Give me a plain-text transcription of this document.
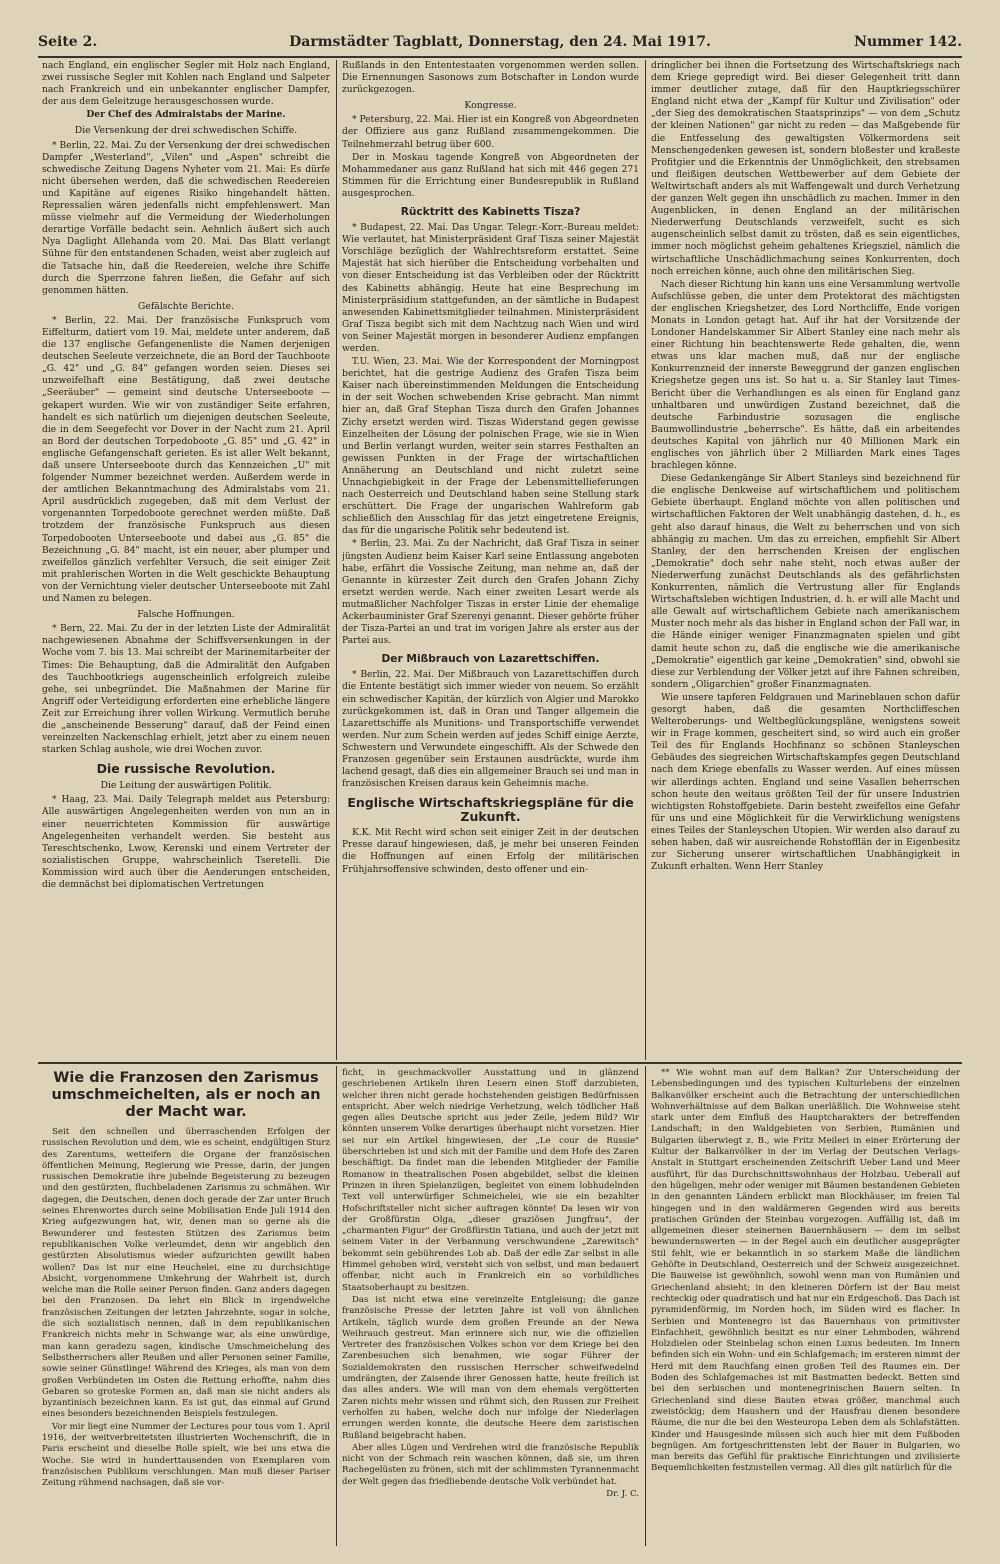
Seite 2.	Darmstädter Tagblatt, Donnerstag, den 24. Mai 1917.	Nummer 142.

nach England, ein englischer Segler mit Holz nach England, zwei russische Segler mit Kohlen nach England und Salpeter nach Frankreich und ein unbekannter englischer Dampfer, der aus dem Geleitzuge herausgeschossen wurde.

Der Chef des Admiralstabs der Marine.

Die Versenkung der drei schwedischen Schiffe.

* Berlin, 22. Mai. Zu der Versenkung der drei schwedischen Dampfer „Westerland", „Vilen" und „Aspen" schreibt die schwedische Zeitung Dagens Nyheter vom 21. Mai: Es dürfe nicht übersehen werden, daß die schwedischen Reedereien und Kapitäne auf eigenes Risiko hingehandelt hätten. Repressalien wären jedenfalls nicht empfehlenswert. Man müsse vielmehr auf die Vermeidung der Wiederholungen derartige Vorfälle bedacht sein. Aehnlich äußert sich auch Nya Daglight Allehanda vom 20. Mai. Das Blatt verlangt Sühne für den entstandenen Schaden, weist aber zugleich auf die Tatsache hin, daß die Reedereien, welche ihre Schiffe durch die Sperrzone fahren ließen, die Gefahr auf sich genommen hätten.

Gefälschte Berichte.

* Berlin, 22. Mai. Der französische Funkspruch vom Eiffelturm, datiert vom 19. Mai, meldete unter anderem, daß die 137 englische Gefangenenliste die Namen derjenigen deutschen Seeleute verzeichnete, die an Bord der Tauchboote „G. 42" und „G. 84" gefangen worden seien. Dieses sei unzweifelhaft eine Bestätigung, daß zwei deutsche „Seeräuber" — gemeint sind deutsche Unterseeboote — gekapert wurden. Wie wir von zuständiger Seite erfahren, handelt es sich natürlich um diejenigen deutschen Seeleute, die in dem Seegefecht vor Dover in der Nacht zum 21. April an Bord der deutschen Torpedoboote „G. 85" und „G. 42" in englische Gefangenschaft gerieten. Es ist aller Welt bekannt, daß unsere Unterseeboote durch das Kennzeichen „U" mit folgender Nummer bezeichnet werden. Außerdem werde in der amtlichen Bekanntmachung des Admiralstabs vom 21. April ausdrücklich zugegeben, daß mit dem Verlust der vorgenannten Torpedoboote gerechnet werden müßte. Daß trotzdem der französische Funkspruch aus diesen Torpedobooten Unterseeboote und dabei aus „G. 85" die Bezeichnung „G. 84" macht, ist ein neuer, aber plumper und zweifellos gänzlich verfehlter Versuch, die seit einiger Zeit mit prahlerischen Worten in die Welt geschickte Behauptung von der Vernichtung vieler deutscher Unterseeboote mit Zahl und Namen zu belegen.

Falsche Hoffnungen.

* Bern, 22. Mai. Zu der in der letzten Liste der Admiralität nachgewiesenen Abnahme der Schiffsversenkungen in der Woche vom 7. bis 13. Mai schreibt der Marinemitarbeiter der Times: Die Behauptung, daß die Admiralität den Aufgaben des Tauchbootkriegs augenscheinlich erfolgreich zuleibe gehe, sei unbegründet. Die Maßnahmen der Marine für Angriff oder Verteidigung erforderten eine erhebliche längere Zeit zur Erreichung ihrer vollen Wirkung. Vermutlich beruhe die „anscheinende Besserung" darauf, daß der Feind einen vereinzelten Nackenschlag erhielt, jetzt aber zu einem neuen starken Schlag aushole, wie drei Wochen zuvor.

Die russische Revolution.
Die Leitung der auswärtigen Politik.

* Haag, 23. Mai. Daily Telegraph meldet aus Petersburg: Alle auswärtigen Angelegenheiten werden von nun an in einer neuerrichteten Kommission für auswärtige Angelegenheiten verhandelt werden. Sie besteht aus Tereschtschenko, Lwow, Kerenski und einem Vertreter der sozialistischen Gruppe, wahrscheinlich Tseretelli. Die Kommission wird auch über die Aenderungen entscheiden, die demnächst bei diplomatischen Vertretungen

Rußlands in den Ententestaaten vorgenommen werden sollen. Die Ernennungen Sasonows zum Botschafter in London wurde zurückgezogen.

Kongresse.

* Petersburg, 22. Mai. Hier ist ein Kongreß von Abgeordneten der Offiziere aus ganz Rußland zusammengekommen. Die Teilnehmerzahl betrug über 600.

Der in Moskau tagende Kongreß von Abgeordneten der Mohammedaner aus ganz Rußland hat sich mit 446 gegen 271 Stimmen für die Errichtung einer Bundesrepublik in Rußland ausgesprochen.

Rücktritt des Kabinetts Tisza?

* Budapest, 22. Mai. Das Ungar. Telegr.-Korr.-Bureau meldet: Wie verlautet, hat Ministerpräsident Graf Tisza seiner Majestät Vorschläge bezüglich der Wahlrechtsreform erstattet. Seine Majestät hat sich hierüber die Entscheidung vorbehalten und von dieser Entscheidung ist das Verbleiben oder der Rücktritt des Kabinetts abhängig. Heute hat eine Besprechung im Ministerpräsidium stattgefunden, an der sämtliche in Budapest anwesenden Kabinettsmitglieder teilnahmen. Ministerpräsident Graf Tisza begibt sich mit dem Nachtzug nach Wien und wird von Seiner Majestät morgen in besonderer Audienz empfangen werden.

T.U. Wien, 23. Mai. Wie der Korrespondent der Morningpost berichtet, hat die gestrige Audienz des Grafen Tisza beim Kaiser nach übereinstimmenden Meldungen die Entscheidung in der seit Wochen schwebenden Krise gebracht. Man nimmt hier an, daß Graf Stephan Tisza durch den Grafen Johannes Zichy ersetzt werden wird. Tiszas Widerstand gegen gewisse Einzelheiten der Lösung der polnischen Frage, wie sie in Wien und Berlin verlangt wurden, weiter sein starres Festhalten an gewissen Punkten in der Frage der wirtschaftlichen Annäherung an Deutschland und nicht zuletzt seine Unnachgiebigkeit in der Frage der Lebensmittellieferungen nach Oesterreich und Deutschland haben seine Stellung stark erschüttert. Die Frage der ungarischen Wahlreform gab schließlich den Ausschlag für das jetzt eingetretene Ereignis, das für die ungarische Politik sehr bedeutend ist.

* Berlin, 23. Mai. Zu der Nachricht, daß Graf Tisza in seiner jüngsten Audienz beim Kaiser Karl seine Entlassung angeboten habe, erfährt die Vossische Zeitung, man nehme an, daß der Genannte in kürzester Zeit durch den Grafen Johann Zichy ersetzt werden werde. Nach einer zweiten Lesart werde als mutmaßlicher Nachfolger Tiszas in erster Linie der ehemalige Ackerbauminister Graf Szerenyi genannt. Dieser gehörte früher der Tisza-Partei an und trat im vorigen Jahre als erster aus der Partei aus.

Der Mißbrauch von Lazarettschiffen.

* Berlin, 22. Mai. Der Mißbrauch von Lazarettschiffen durch die Entente bestätigt sich immer wieder von neuem. So erzählt ein schwedischer Kapitän, der kürzlich von Algier und Marokko zurückgekommen ist, daß in Oran und Tanger allgemein die Lazarettschiffe als Munitions- und Transportschiffe verwendet werden. Nur zum Schein werden auf jedes Schiff einige Aerzte, Schwestern und Verwundete eingeschifft. Als der Schwede den Franzosen gegenüber sein Erstaunen ausdrückte, wurde ihm lachend gesagt, daß dies ein allgemeiner Brauch sei und man in französischen Kreisen daraus kein Geheimnis mache.

Englische Wirtschaftskriegspläne für die Zukunft.

K.K. Mit Recht wird schon seit einiger Zeit in der deutschen Presse darauf hingewiesen, daß, je mehr bei unseren Feinden die Hoffnungen auf einen Erfolg der militärischen Frühjahrsoffensive schwinden, desto offener und ein-

dringlicher bei ihnen die Fortsetzung des Wirtschaftskriegs nach dem Kriege gepredigt wird. Bei dieser Gelegenheit tritt dann immer deutlicher zutage, daß für den Hauptkriegsschürer England nicht etwa der „Kampf für Kultur und Zivilisation" oder „der Sieg des demokratischen Staatsprinzips" — von dem „Schutz der kleinen Nationen" gar nicht zu reden — das Maßgebende für die Entfesselung des gewaltigsten Völkermordens seit Menschengedenken gewesen ist, sondern bloßester und kraßeste Profitgier und die Erkenntnis der Unmöglichkeit, den strebsamen und fleißigen deutschen Wettbewerber auf dem Gebiete der Weltwirtschaft anders als mit Waffengewalt und durch Verhetzung der ganzen Welt gegen ihn unschädlich zu machen. Immer in den Augenblicken, in denen England an der militärischen Niederwerfung Deutschlands verzweifelt, sucht es sich augenscheinlich selbst damit zu trösten, daß es sein eigentliches, immer noch möglichst geheim gehaltenes Kriegsziel, nämlich die wirtschaftliche Unschädlichmachung seines Konkurrenten, doch noch erreichen könne, auch ohne den militärischen Sieg.

Nach dieser Richtung hin kann uns eine Versammlung wertvolle Aufschlüsse geben, die unter dem Protektorat des mächtigsten der englischen Kriegshetzer, des Lord Northcliffe, Ende vorigen Monats in London getagt hat. Auf ihr hat der Vorsitzende der Londoner Handelskammer Sir Albert Stanley eine nach mehr als einer Richtung hin beachtenswerte Rede gehalten, die, wenn etwas uns klar machen muß, daß nur der englische Konkurrenzneid der innerste Beweggrund der ganzen englischen Kriegshetze gegen uns ist. So hat u. a. Sir Stanley laut Times-Bericht über die Verhandlungen es als einen für England ganz unhaltbaren und unwürdigen Zustand bezeichnet, daß die deutsche Farbindustrie sozusagen die englische Baumwollindustrie „beherrsche". Es hätte, daß ein arbeitendes deutsches Kapital von jährlich nur 40 Millionen Mark ein englisches von jährlich über 2 Milliarden Mark eines Tages brachlegen könne.

Diese Gedankengänge Sir Albert Stanleys sind bezeichnend für die englische Denkweise auf wirtschaftlichem und politischem Gebiete überhaupt. England möchte von allen politischen und wirtschaftlichen Faktoren der Welt unabhängig dastehen, d. h., es geht also darauf hinaus, die Welt zu beherrschen und von sich abhängig zu machen. Um das zu erreichen, empfiehlt Sir Albert Stanley, der den herrschenden Kreisen der englischen „Demokratie" doch sehr nahe steht, noch etwas außer der Niederwerfung zunächst Deutschlands als des gefährlichsten Konkurrenten, nämlich die Vertrustung aller für Englands Wirtschaftsleben wichtigen Industrien, d. h. er will alle Macht und alle Gewalt auf wirtschaftlichem Gebiete nach amerikanischem Muster noch mehr als das bisher in England schon der Fall war, in die Hände einiger weniger Finanzmagnaten spielen und gibt damit heute schon zu, daß die englische wie die amerikanische „Demokratie" eigentlich gar keine „Demokratien" sind, obwohl sie diese zur Verblendung der Völker jetzt auf ihre Fahnen schreiben, sondern „Oligarchien" großer Finanzmagnaten.

Wie unsere tapferen Feldgrauen und Marineblauen schon dafür gesorgt haben, daß die gesamten Northcliffeschen Welteroberungs- und Weltbeglückungspläne, wenigstens soweit wir in Frage kommen, gescheitert sind, so wird auch ein großer Teil des für Englands Hochfinanz so schönen Stanleyschen Gebäudes des siegreichen Wirtschaftskampfes gegen Deutschland nach dem Kriege ebenfalls zu Wasser werden. Auf eines müssen wir allerdings achten. England und seine Vasallen beherrschen schon heute den weitaus größten Teil der für unsere Industrien wichtigsten Rohstoffgebiete. Darin besteht zweifellos eine Gefahr für uns und eine Möglichkeit für die Verwirklichung wenigstens eines Teiles der Stanleyschen Utopien. Wir werden also darauf zu sehen haben, daß wir ausreichende Rohstofflän der in Eigenbesitz zur Sicherung unserer wirtschaftlichen Unabhängigkeit in Zukunft erhalten. Wenn Herr Stanley

Wie die Franzosen den Zarismus umschmeichelten, als er noch an der Macht war.

Seit den schnellen und überraschenden Erfolgen der russischen Revolution und dem, wie es scheint, endgültigen Sturz des Zarentums, wetteifern die Organe der französischen öffentlichen Meinung, Regierung wie Presse, darin, der jungen russischen Demokratie ihre jubelnde Begeisterung zu bezeugen und den gestürzten, fluchbeladenen Zarismus zu schmähen. Wir dagegen, die Deutschen, denen doch gerade der Zar unter Bruch seines Ehrenwortes durch seine Mobilisation Ende Juli 1914 den Krieg aufgezwungen hat, wir, denen man so gerne als die Bewunderer und festesten Stützen des Zarismus beim republikanischen Volke verleumdet, denn wir angeblich den gestürzten Absolutismus wieder aufzurichten gewillt haben wollen? Das ist nur eine Heuchelei, eine zu durchsichtige Absicht, vorgenommene Umkehrung der Wahrheit ist, durch welche man die Rolle seiner Person finden. Ganz anders dagegen bei den Franzosen. Da lehrt ein Blick in irgendwelche französischen Zeitungen der letzten Jahrzehnte, sogar in solche, die sich sozialistisch nennen, daß in dem republikanischen Frankreich nichts mehr in Schwange war, als eine unwürdige, man kann geradezu sagen, kindische Umschmeichelung des Selbstherrschers aller Reußen und aller Personen seiner Familie, sowie seiner Günstlinge! Während des Krieges, als man von dem großen Verbündeten im Osten die Rettung erhoffte, nahm dies Gebaren so groteske Formen an, daß man sie nicht anders als byzantinisch bezeichnen kann. Es ist gut, das einmal auf Grund eines besonders bezeichnenden Beispiels festzulegen.

Vor mir liegt eine Nummer der Lectures pour tous vom 1. April 1916, der weitverbreitetsten illustrierten Wochenschrift, die in Paris erscheint und dieselbe Rolle spielt, wie bei uns etwa die Woche. Sie wird in hunderttausenden von Exemplaren vom französischen Publikum verschlungen. Man muß dieser Pariser Zeitung rühmend nachsagen, daß sie vor-

ficht, in geschmackvoller Ausstattung und in glänzend geschriebenen Artikeln ihren Lesern einen Stoff darzubieten, welcher ihren nicht gerade hochstehenden geistigen Bedürfnissen entspricht. Aber welch niedrige Verhetzung, welch tödlicher Haß gegen alles Deutsche spricht aus jeder Zeile, jedem Bild? Wir könnten unserem Volke derartiges überhaupt nicht vorsetzen. Hier sei nur ein Artikel hingewiesen, der „Le cour de Russie" überschrieben ist und sich mit der Familie und dem Hofe des Zaren beschäftigt. Da findet man die lebenden Mitglieder der Familie Romanow in theatralischen Posen abgebildet, selbst die kleinen Prinzen in ihren Spielanzügen, begleitet von einem lobhudelnden Text voll unterwürfiger Schmeichelei, wie sie ein bezahlter Hofschriftsteller nicht sicher auftragen könnte! Da lesen wir von der Großfürstin Olga, „dieser graziösen Jungfrau", der „charmanten Figur" der Großfürstin Tatiana, und auch der jetzt mit seinem Vater in der Verbannung verschwundene „Zarewitsch" bekommt sein gebührendes Lob ab. Daß der edle Zar selbst in alle Himmel gehoben wird, versteht sich von selbst, und man bedauert offenbar, nicht auch in Frankreich ein so vorbildliches Staatsoberhaupt zu besitzen.

Das ist nicht etwa eine vereinzelte Entgleisung; die ganze französische Presse der letzten Jahre ist voll von ähnlichen Artikeln, täglich wurde dem großen Freunde an der Newa Weihrauch gestreut. Man erinnere sich nur, wie die offiziellen Vertreter des französischen Volkes schon vor dem Kriege bei den Zarenbesuchen sich benahmen, wie sogar Führer der Sozialdemokraten den russischen Herrscher schweifwedelnd umdrängten, der Zaisende ihrer Genossen hatte, heute freilich ist das alles anders. Wie will man von dem ehemals vergötterten Zaren nichts mehr wissen und rühmt sich, den Russen zur Freiheit verholfen zu haben, welche doch nur infolge der Niederlagen errungen werden konnte, die deutsche Heere dem zaristischen Rußland beigebracht haben.

Aber alles Lügen und Verdrehen wird die französische Republik nicht von der Schmach rein waschen können, daß sie, um ihren Rachegelüsten zu frönen, sich mit der schlimmsten Tyrannenmacht der Welt gegen das friedliebende deutsche Volk verbündet hat.

Dr. J. C.

** Wie wohnt man auf dem Balkan? Zur Unterscheidung der Lebensbedingungen und des typischen Kulturlebens der einzelnen Balkanvölker erscheint auch die Betrachtung der unterschiedlichen Wohnverhältnisse auf dem Balkan unerläßlich. Die Wohnweise steht stark unter dem Einfluß des Hauptcharakters der betreffenden Landschaft; in den Waldgebieten von Serbien, Rumänien und Bulgarien überwiegt z. B., wie Fritz Meileri in einer Erörterung der Kultur der Balkanvölker in der im Verlag der Deutschen Verlags-Anstalt in Stuttgart erscheinenden Zeitschrift Ueber Land und Meer ausführt, für das Durchschnittswohnhaus der Holzbau. Ueberall auf den hügeligen, mehr oder weniger mit Bäumen bestandenen Gebieten in den genannten Ländern erblickt man Blockhäuser, im freien Tal hingegen und in den waldärmeren Gegenden wird aus bereits pratischen Gründen der Steinbau vorgezogen. Auffällig ist, daß im allgemeinen dieser steinernen Bauernhäusern — dem im selbst bewundernswerten — in der Regel auch ein deutlicher ausgeprägter Stil fehlt, wie er bekanntlich in so starkem Maße die ländlichen Gehöfte in Deutschland, Oesterreich und der Schweiz ausgezeichnet. Die Bauweise ist gewöhnlich, sowohl wenn man von Rumänien und Griechenland absieht; in den kleineren Dörfern ist der Bau meist rechteckig oder quadratisch und hat nur ein Erdgeschoß. Das Dach ist pyramidenförmig, im Norden hoch, im Süden wird es flacher. In Serbien und Montenegro ist das Bauernhaus von primitivster Einfachheit, gewöhnlich besitzt es nur einer Lehmboden, während Holzdielen oder Steinbelag schon einen Luxus bedeuten. Im Innern befinden sich ein Wohn- und ein Schlafgemach; im ersteren nimmt der Herd mit dem Rauchfang einen großen Teil des Raumes ein. Der Boden des Schlafgemaches ist mit Bastmatten bedeckt. Betten sind bei den serbischen und montenegrinischen Bauern selten. In Griechenland sind diese Bauten etwas größer, manchmal auch zweistöckig; dem Haushern und der Hausfrau dienen besondere Räume, die nur die bei den Westeuropa Leben dem als Schlafstätten. Kinder und Hausgesinde müssen sich auch hier mit dem Fußboden begnügen. Am fortgeschrittensten lebt der Bauer in Bulgarien, wo man bereits das Gefühl für praktische Einrichtungen und zivilisierte Bequemlichkeiten festzustellen vermag. All dies gilt natürlich für die
